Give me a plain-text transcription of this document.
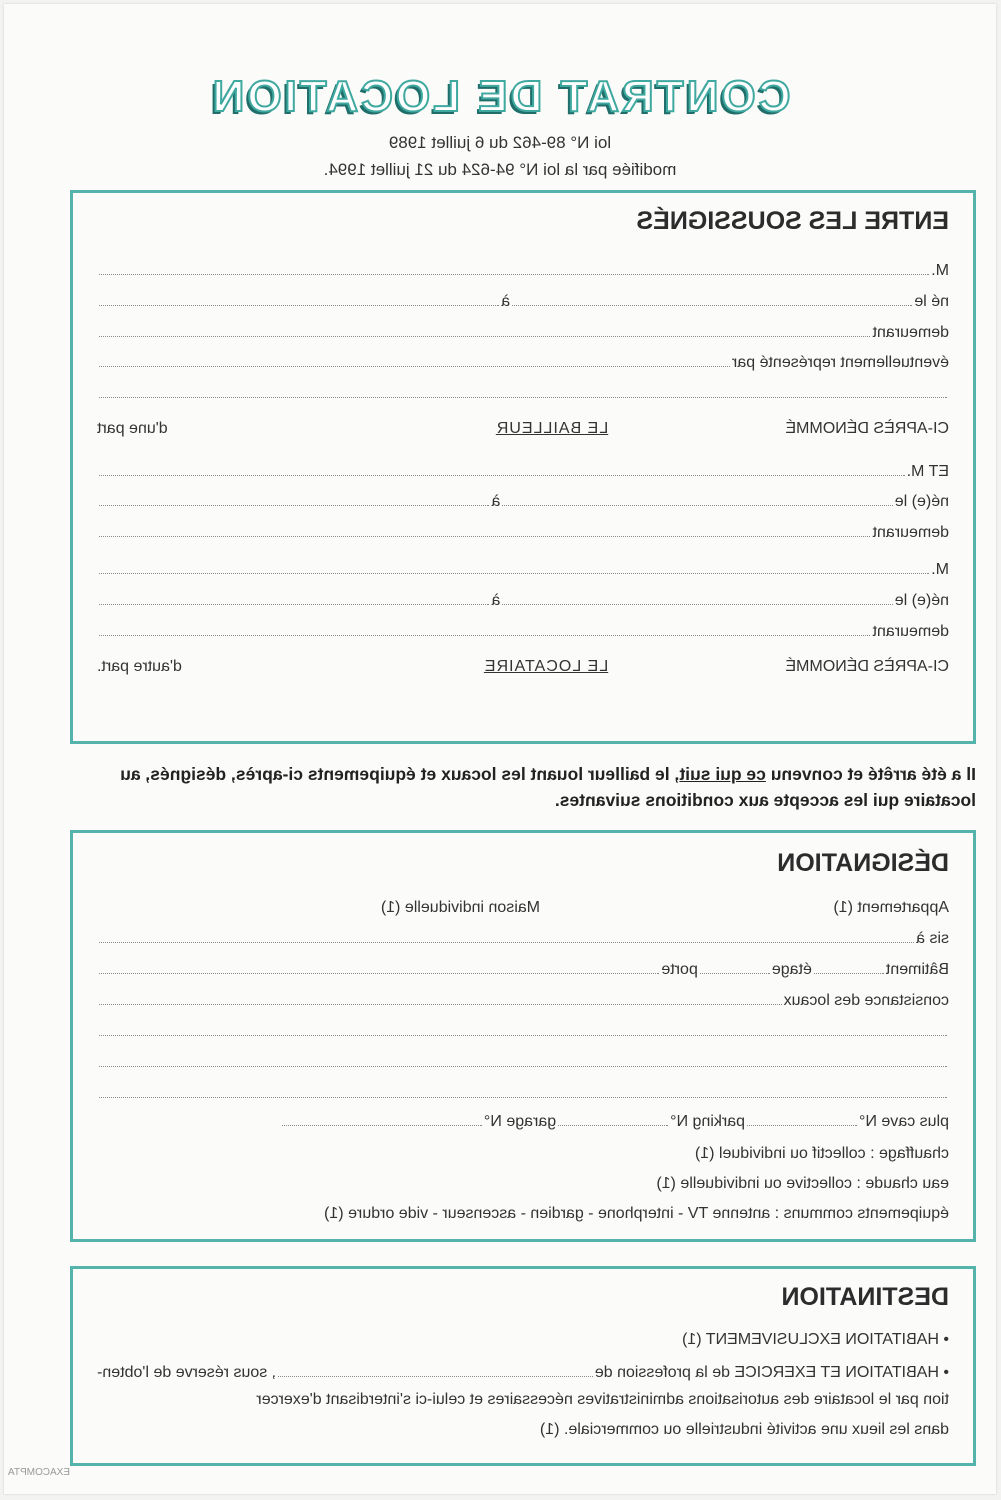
CONTRAT DE LOCATION
loi N° 89-462 du 6 juillet 1989
modifiée par la loi N° 94-624 du 21 juillet 1994.
ENTRE LES SOUSSIGNÉS
M.
né le
à
demeurant
éventuellement représenté par
CI-APRÈS DÉNOMMÉ
LE BAILLEUR
d'une part
ET M.
né(e) le
à
demeurant
M.
né(e) le
à
demeurant
CI-APRÈS DÉNOMMÉ
LE LOCATAIRE
d'autre part.
Il a été arrêté et convenu ce qui suit, le bailleur louant les locaux et équipements ci-après, désignés, au locataire qui les accepte aux conditions suivantes.
DÉSIGNATION
Appartement (1)
Maison individuelle (1)
sis à
Bâtiment
étage
porte
consistance des locaux
plus cave N°
parking N°
garage N°
chauffage : collectif ou individuel (1)
eau chaude : collective ou individuelle (1)
équipements communs : antenne TV - interphone - gardien - ascenseur - vide ordure (1)
DESTINATION
• HABITATION EXCLUSIVEMENT (1)
• HABITATION ET EXERCICE de la profession de
, sous réserve de l'obten-
tion par le locataire des autorisations administratives nécessaires et celui-ci s'interdisant d'exercer
dans les lieux une activité industrielle ou commerciale. (1)
EXACOMPTA
